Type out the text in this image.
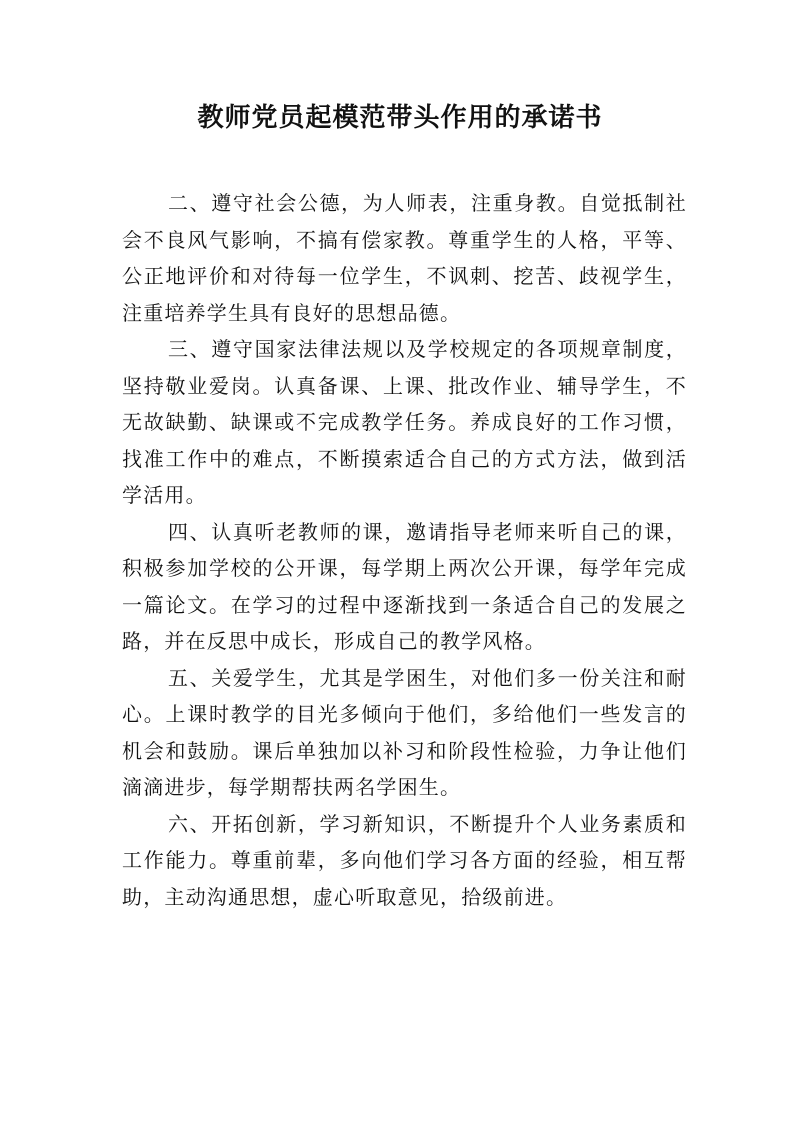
教师党员起模范带头作用的承诺书

二、遵守社会公德，为人师表，注重身教。自觉抵制社会不良风气影响，不搞有偿家教。尊重学生的人格，平等、公正地评价和对待每一位学生，不讽刺、挖苦、歧视学生，注重培养学生具有良好的思想品德。

三、遵守国家法律法规以及学校规定的各项规章制度，坚持敬业爱岗。认真备课、上课、批改作业、辅导学生，不无故缺勤、缺课或不完成教学任务。养成良好的工作习惯，找准工作中的难点，不断摸索适合自己的方式方法，做到活学活用。

四、认真听老教师的课，邀请指导老师来听自己的课，积极参加学校的公开课，每学期上两次公开课，每学年完成一篇论文。在学习的过程中逐渐找到一条适合自己的发展之路，并在反思中成长，形成自己的教学风格。

五、关爱学生，尤其是学困生，对他们多一份关注和耐心。上课时教学的目光多倾向于他们，多给他们一些发言的机会和鼓励。课后单独加以补习和阶段性检验，力争让他们滴滴进步，每学期帮扶两名学困生。

六、开拓创新，学习新知识，不断提升个人业务素质和工作能力。尊重前辈，多向他们学习各方面的经验，相互帮助，主动沟通思想，虚心听取意见，拾级前进。
